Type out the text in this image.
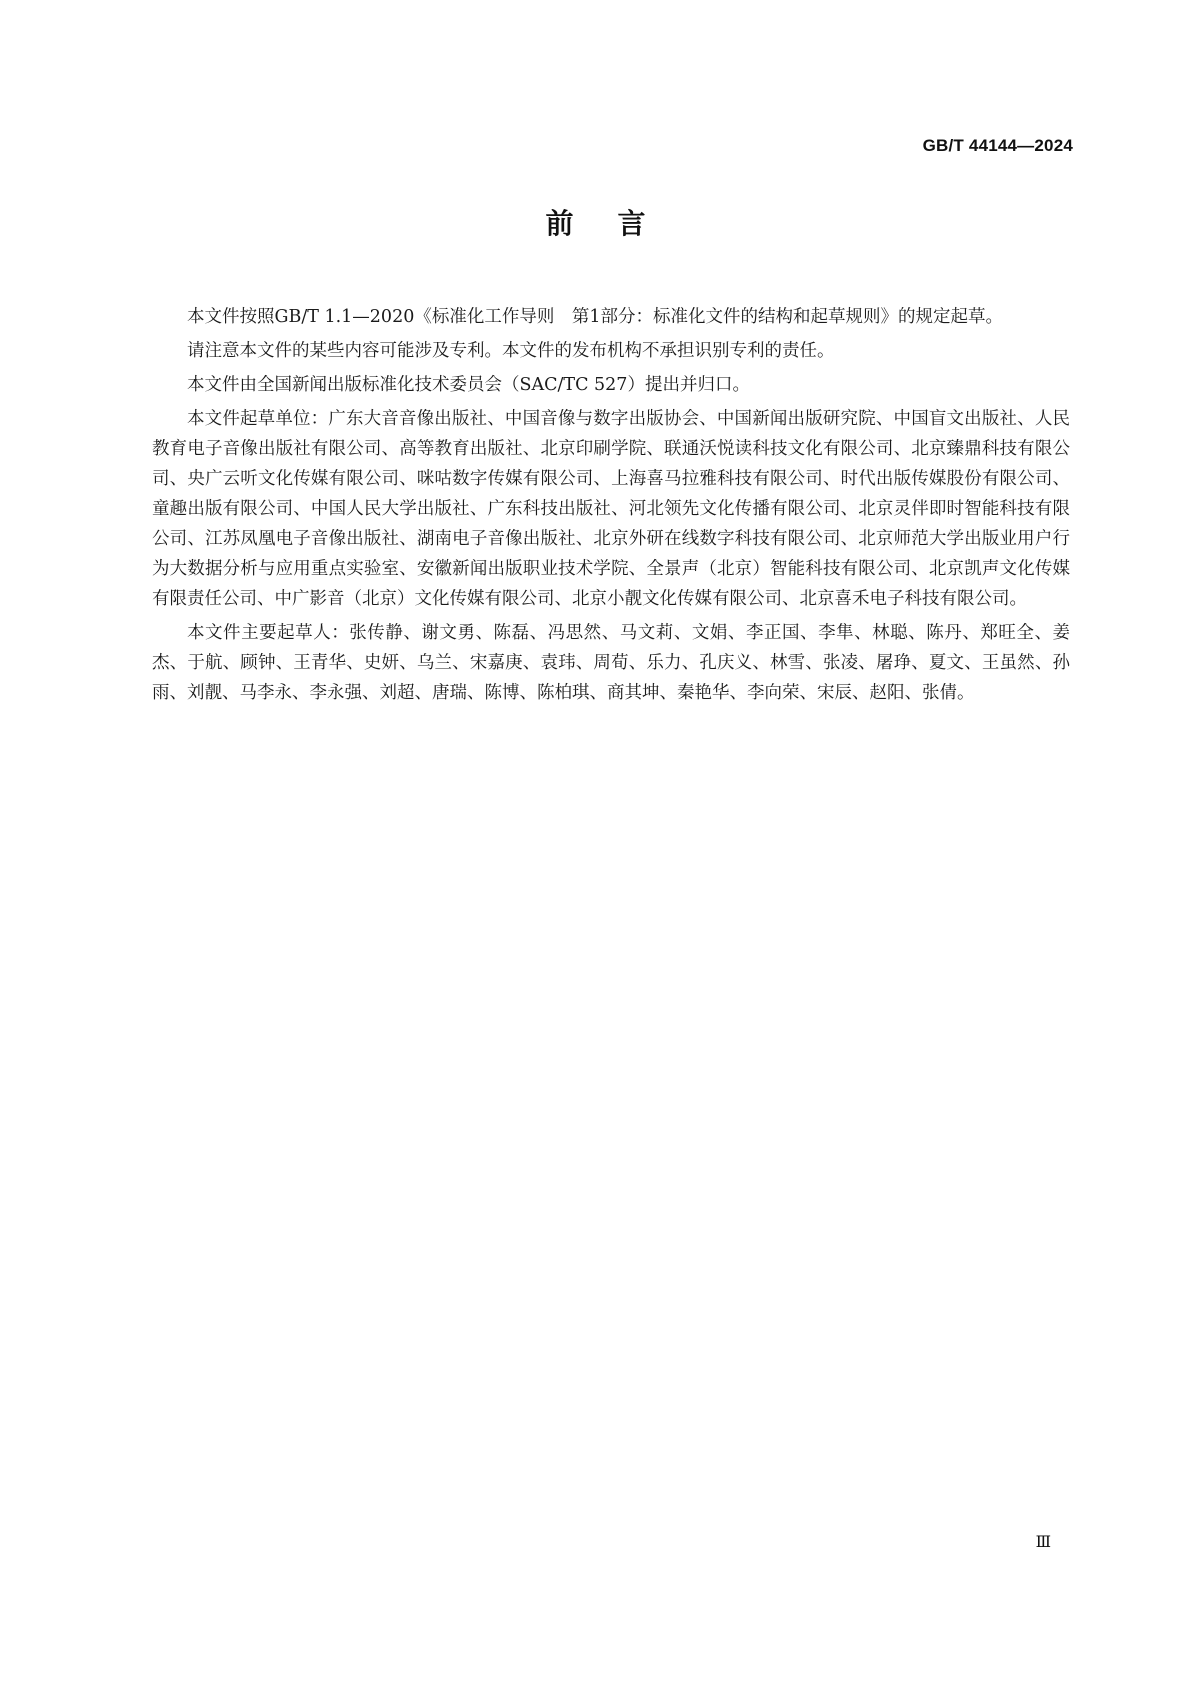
GB/T 44144—2024
前言

本文件按照GB/T 1.1—2020《标准化工作导则　第1部分：标准化文件的结构和起草规则》的规定起草。

请注意本文件的某些内容可能涉及专利。本文件的发布机构不承担识别专利的责任。

本文件由全国新闻出版标准化技术委员会（SAC/TC 527）提出并归口。

本文件起草单位：广东大音音像出版社、中国音像与数字出版协会、中国新闻出版研究院、中国盲文出版社、人民教育电子音像出版社有限公司、高等教育出版社、北京印刷学院、联通沃悦读科技文化有限公司、北京臻鼎科技有限公司、央广云听文化传媒有限公司、咪咕数字传媒有限公司、上海喜马拉雅科技有限公司、时代出版传媒股份有限公司、童趣出版有限公司、中国人民大学出版社、广东科技出版社、河北领先文化传播有限公司、北京灵伴即时智能科技有限公司、江苏凤凰电子音像出版社、湖南电子音像出版社、北京外研在线数字科技有限公司、北京师范大学出版业用户行为大数据分析与应用重点实验室、安徽新闻出版职业技术学院、全景声（北京）智能科技有限公司、北京凯声文化传媒有限责任公司、中广影音（北京）文化传媒有限公司、北京小靓文化传媒有限公司、北京喜禾电子科技有限公司。

本文件主要起草人：张传静、谢文勇、陈磊、冯思然、马文莉、文娟、李正国、李隼、林聪、陈丹、郑旺全、姜杰、于航、顾钟、王青华、史妍、乌兰、宋嘉庚、袁玮、周荀、乐力、孔庆义、林雪、张凌、屠琤、夏文、王虽然、孙雨、刘靓、马李永、李永强、刘超、唐瑞、陈博、陈柏琪、商其坤、秦艳华、李向荣、宋辰、赵阳、张倩。

Ⅲ
